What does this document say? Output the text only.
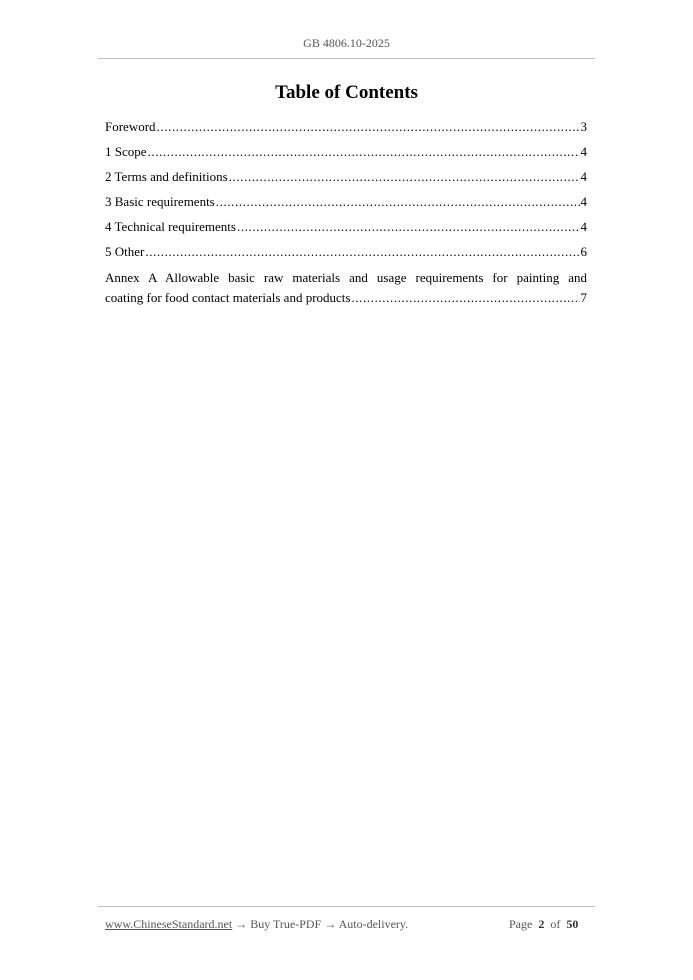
GB 4806.10-2025
Table of Contents
Foreword .....	3
1 Scope .....	4
2 Terms and definitions .....	4
3 Basic requirements .....	4
4 Technical requirements .....	4
5 Other .....	6
Annex A Allowable basic raw materials and usage requirements for painting and
coating for food contact materials and products .....	7
www.ChineseStandard.net → Buy True-PDF → Auto-delivery.	Page 2 of 50
